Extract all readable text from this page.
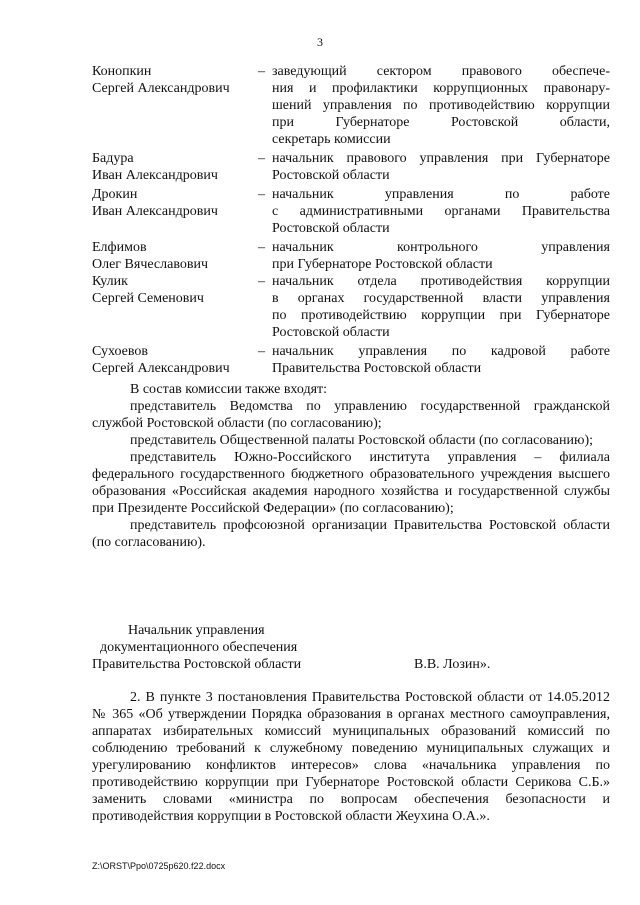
3
Конопкин
Сергей Александрович
– заведующий сектором правового обеспече-
ния и профилактики коррупционных правонару-
шений управления по противодействию коррупции
при Губернаторе Ростовской области,
секретарь комиссии
Бадура
Иван Александрович
– начальник правового управления при Губернаторе
Ростовской области
Дрокин
Иван Александрович
– начальник управления по работе
с административными органами Правительства
Ростовской области
Елфимов
Олег Вячеславович
– начальник контрольного управления
при Губернаторе Ростовской области
Кулик
Сергей Семенович
– начальник отдела противодействия коррупции
в органах государственной власти управления
по противодействию коррупции при Губернаторе
Ростовской области
Сухоевов
Сергей Александрович
– начальник управления по кадровой работе
Правительства Ростовской области

В состав комиссии также входят:

представитель Ведомства по управлению государственной гражданской службой Ростовской области (по согласованию);

представитель Общественной палаты Ростовской области (по согласованию);

представитель Южно-Российского института управления – филиала федерального государственного бюджетного образовательного учреждения высшего образования «Российская академия народного хозяйства и государственной службы при Президенте Российской Федерации» (по согласованию);

представитель профсоюзной организации Правительства Ростовской области (по согласованию).

Начальник управления
документационного обеспечения
Правительства Ростовской области	В.В. Лозин».

2. В пункте 3 постановления Правительства Ростовской области от 14.05.2012 № 365 «Об утверждении Порядка образования в органах местного самоуправления, аппаратах избирательных комиссий муниципальных образований комиссий по соблюдению требований к служебному поведению муниципальных служащих и урегулированию конфликтов интересов» слова «начальника управления по противодействию коррупции при Губернаторе Ростовской области Серикова С.Б.» заменить словами «министра по вопросам обеспечения безопасности и противодействия коррупции в Ростовской области Жеухина О.А.».

Z:\ORST\Ppo\0725p620.f22.docx
